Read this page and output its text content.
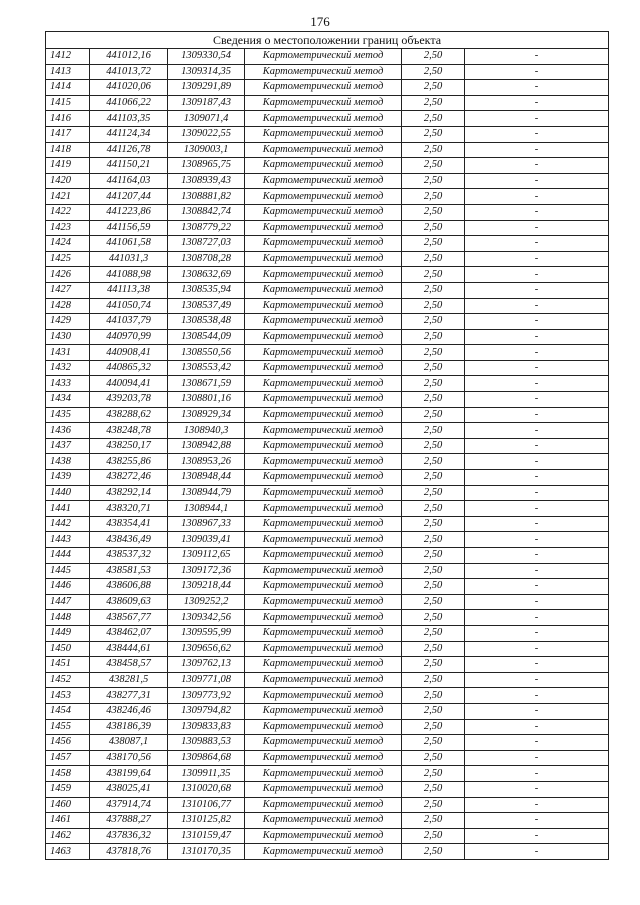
176
Сведения о местоположении границ объекта					
1412	441012,16	1309330,54	Картометрический метод	2,50	-
1413	441013,72	1309314,35	Картометрический метод	2,50	-
1414	441020,06	1309291,89	Картометрический метод	2,50	-
1415	441066,22	1309187,43	Картометрический метод	2,50	-
1416	441103,35	1309071,4	Картометрический метод	2,50	-
1417	441124,34	1309022,55	Картометрический метод	2,50	-
1418	441126,78	1309003,1	Картометрический метод	2,50	-
1419	441150,21	1308965,75	Картометрический метод	2,50	-
1420	441164,03	1308939,43	Картометрический метод	2,50	-
1421	441207,44	1308881,82	Картометрический метод	2,50	-
1422	441223,86	1308842,74	Картометрический метод	2,50	-
1423	441156,59	1308779,22	Картометрический метод	2,50	-
1424	441061,58	1308727,03	Картометрический метод	2,50	-
1425	441031,3	1308708,28	Картометрический метод	2,50	-
1426	441088,98	1308632,69	Картометрический метод	2,50	-
1427	441113,38	1308535,94	Картометрический метод	2,50	-
1428	441050,74	1308537,49	Картометрический метод	2,50	-
1429	441037,79	1308538,48	Картометрический метод	2,50	-
1430	440970,99	1308544,09	Картометрический метод	2,50	-
1431	440908,41	1308550,56	Картометрический метод	2,50	-
1432	440865,32	1308553,42	Картометрический метод	2,50	-
1433	440094,41	1308671,59	Картометрический метод	2,50	-
1434	439203,78	1308801,16	Картометрический метод	2,50	-
1435	438288,62	1308929,34	Картометрический метод	2,50	-
1436	438248,78	1308940,3	Картометрический метод	2,50	-
1437	438250,17	1308942,88	Картометрический метод	2,50	-
1438	438255,86	1308953,26	Картометрический метод	2,50	-
1439	438272,46	1308948,44	Картометрический метод	2,50	-
1440	438292,14	1308944,79	Картометрический метод	2,50	-
1441	438320,71	1308944,1	Картометрический метод	2,50	-
1442	438354,41	1308967,33	Картометрический метод	2,50	-
1443	438436,49	1309039,41	Картометрический метод	2,50	-
1444	438537,32	1309112,65	Картометрический метод	2,50	-
1445	438581,53	1309172,36	Картометрический метод	2,50	-
1446	438606,88	1309218,44	Картометрический метод	2,50	-
1447	438609,63	1309252,2	Картометрический метод	2,50	-
1448	438567,77	1309342,56	Картометрический метод	2,50	-
1449	438462,07	1309595,99	Картометрический метод	2,50	-
1450	438444,61	1309656,62	Картометрический метод	2,50	-
1451	438458,57	1309762,13	Картометрический метод	2,50	-
1452	438281,5	1309771,08	Картометрический метод	2,50	-
1453	438277,31	1309773,92	Картометрический метод	2,50	-
1454	438246,46	1309794,82	Картометрический метод	2,50	-
1455	438186,39	1309833,83	Картометрический метод	2,50	-
1456	438087,1	1309883,53	Картометрический метод	2,50	-
1457	438170,56	1309864,68	Картометрический метод	2,50	-
1458	438199,64	1309911,35	Картометрический метод	2,50	-
1459	438025,41	1310020,68	Картометрический метод	2,50	-
1460	437914,74	1310106,77	Картометрический метод	2,50	-
1461	437888,27	1310125,82	Картометрический метод	2,50	-
1462	437836,32	1310159,47	Картометрический метод	2,50	-
1463	437818,76	1310170,35	Картометрический метод	2,50	-
